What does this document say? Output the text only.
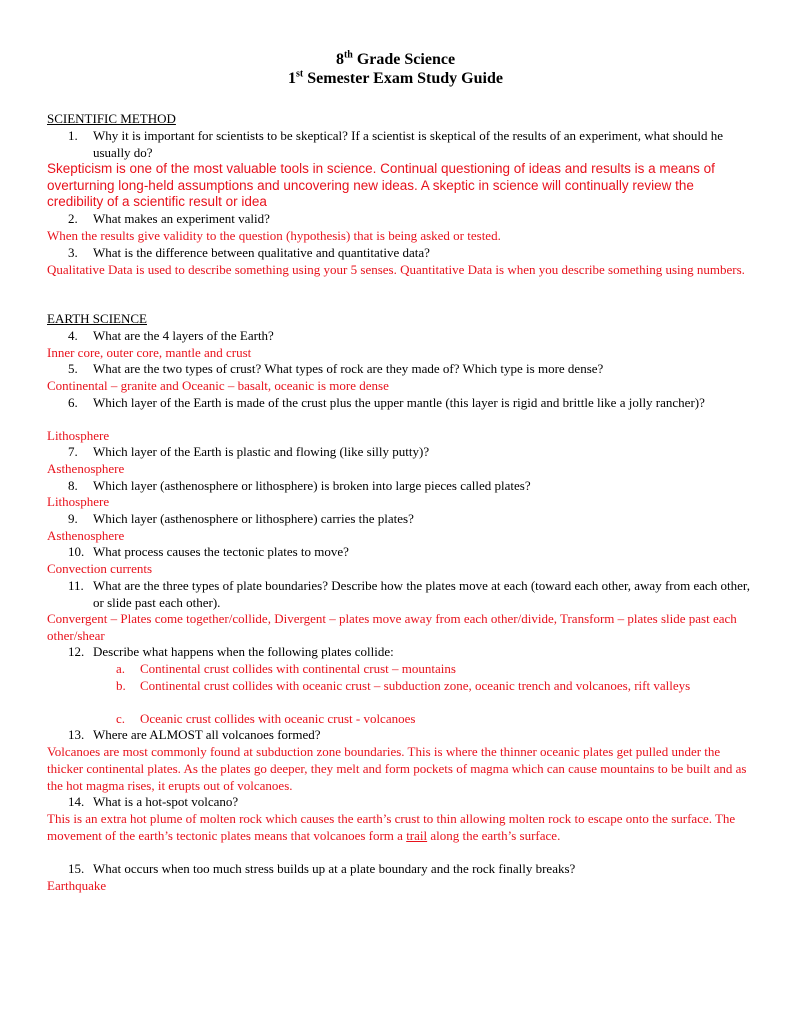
8th Grade Science
1st Semester Exam Study Guide
SCIENTIFIC METHOD
1. Why it is important for scientists to be skeptical? If a scientist is skeptical of the results of an experiment, what should he usually do?
Skepticism is one of the most valuable tools in science. Continual questioning of ideas and results is a means of overturning long-held assumptions and uncovering new ideas. A skeptic in science will continually review the credibility of a scientific result or idea
2. What makes an experiment valid?
When the results give validity to the question (hypothesis) that is being asked or tested.
3. What is the difference between qualitative and quantitative data?
Qualitative Data is used to describe something using your 5 senses. Quantitative Data is when you describe something using numbers.
EARTH SCIENCE
4. What are the 4 layers of the Earth?
Inner core, outer core, mantle and crust
5. What are the two types of crust? What types of rock are they made of? Which type is more dense?
Continental – granite and Oceanic – basalt, oceanic is more dense
6. Which layer of the Earth is made of the crust plus the upper mantle (this layer is rigid and brittle like a jolly rancher)?
Lithosphere
7. Which layer of the Earth is plastic and flowing (like silly putty)?
Asthenosphere
8. Which layer (asthenosphere or lithosphere) is broken into large pieces called plates?
Lithosphere
9. Which layer (asthenosphere or lithosphere) carries the plates?
Asthenosphere
10. What process causes the tectonic plates to move?
Convection currents
11. What are the three types of plate boundaries? Describe how the plates move at each (toward each other, away from each other, or slide past each other).
Convergent – Plates come together/collide, Divergent – plates move away from each other/divide, Transform – plates slide past each other/shear
12. Describe what happens when the following plates collide:
a. Continental crust collides with continental crust – mountains
b. Continental crust collides with oceanic crust – subduction zone, oceanic trench and volcanoes, rift valleys
c. Oceanic crust collides with oceanic crust - volcanoes
13. Where are ALMOST all volcanoes formed?
Volcanoes are most commonly found at subduction zone boundaries. This is where the thinner oceanic plates get pulled under the thicker continental plates. As the plates go deeper, they melt and form pockets of magma which can cause mountains to be built and as the hot magma rises, it erupts out of volcanoes.
14. What is a hot-spot volcano?
This is an extra hot plume of molten rock which causes the earth’s crust to thin allowing molten rock to escape onto the surface. The movement of the earth’s tectonic plates means that volcanoes form a trail along the earth’s surface.
15. What occurs when too much stress builds up at a plate boundary and the rock finally breaks?
Earthquake
